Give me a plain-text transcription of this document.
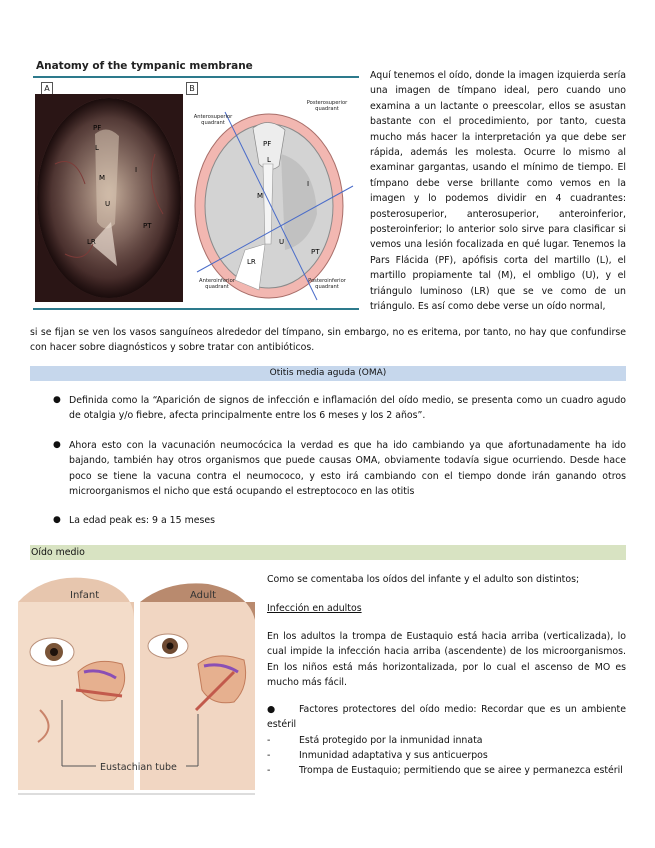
Anatomy of the tympanic membrane
A	B
PF
L
M
U
I
LR
PT
PF
L
M
U
I
LR
PT
Anterosuperior quadrant
Posterosuperior quadrant
Anteroinferior quadrant
Posteroinferior quadrant
Aquí tenemos el oído, donde la imagen izquierda sería una imagen de tímpano ideal, pero cuando uno examina a un lactante o preescolar, ellos se asustan bastante con el procedimiento, por tanto, cuesta mucho más hacer la interpretación ya que debe ser rápida, además les molesta. Ocurre lo mismo al examinar gargantas, usando el mínimo de tiempo. El tímpano debe verse brillante como vemos en la imagen y lo podemos dividir en 4 cuadrantes: posterosuperior, anterosuperior, anteroinferior, posteroinferior; lo anterior solo sirve para clasificar si vemos una lesión focalizada en qué lugar. Tenemos la Pars Flácida (PF), apófisis corta del martillo (L), el martillo propiamente tal (M), el ombligo (U), y el triángulo luminoso (LR) que se ve como de un triángulo. Es así como debe verse un oído normal,
si se fijan se ven los vasos sanguíneos alrededor del tímpano, sin embargo, no es eritema, por tanto, no hay que confundirse con hacer sobre diagnósticos y sobre tratar con antibióticos.
Otitis media aguda (OMA)
● Definida como la “Aparición de signos de infección e inflamación del oído medio, se presenta como un cuadro agudo de otalgia y/o fiebre, afecta principalmente entre los 6 meses y los 2 años”.
● Ahora esto con la vacunación neumocócica la verdad es que ha ido cambiando ya que afortunadamente ha ido bajando, también hay otros organismos que puede causas OMA, obviamente todavía sigue ocurriendo. Desde hace poco se tiene la vacuna contra el neumococo, y esto irá cambiando con el tiempo donde irán ganando otros microorganismos el nicho que está ocupando el estreptococo en las otitis
● La edad peak es: 9 a 15 meses
Oído medio
Infant	Adult
Eustachian tube
Como se comentaba los oídos del infante y el adulto son distintos;
Infección en adultos
En los adultos la trompa de Eustaquio está hacia arriba (verticalizada), lo cual impide la infección hacia arriba (ascendente) de los microorganismos. En los niños está más horizontalizada, por lo cual el ascenso de MO es mucho más fácil.
●	Factores protectores del oído medio: Recordar que es un ambiente estéril
-	Está protegido por la inmunidad innata
-	Inmunidad adaptativa y sus anticuerpos
-	Trompa de Eustaquio; permitiendo que se airee y permanezca estéril
